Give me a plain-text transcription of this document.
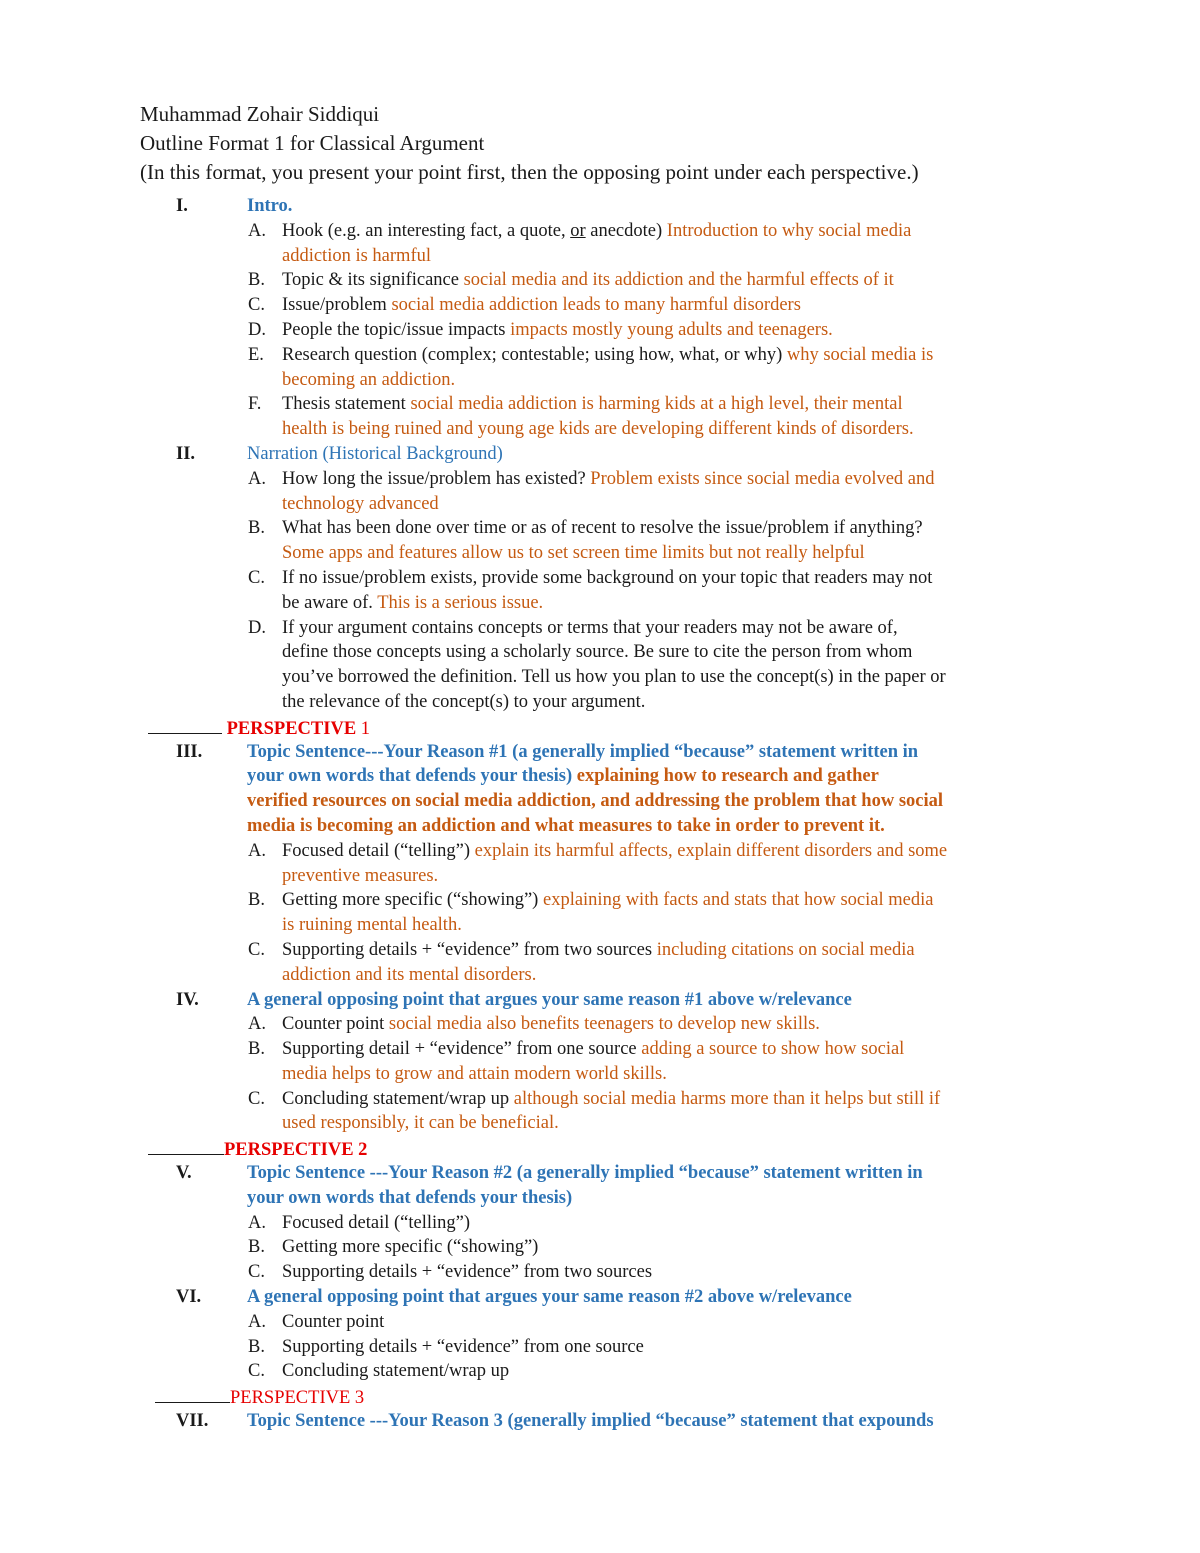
Muhammad Zohair Siddiqui
Outline Format 1 for Classical Argument
(In this format, you present your point first, then the opposing point under each perspective.)
I.	Intro.
A. Hook (e.g. an interesting fact, a quote, or anecdote) Introduction to why social media
addiction is harmful
B. Topic & its significance social media and its addiction and the harmful effects of it
C. Issue/problem social media addiction leads to many harmful disorders
D. People the topic/issue impacts impacts mostly young adults and teenagers.
E. Research question (complex; contestable; using how, what, or why) why social media is
becoming an addiction.
F. Thesis statement social media addiction is harming kids at a high level, their mental
health is being ruined and young age kids are developing different kinds of disorders.
II.	Narration (Historical Background)
A. How long the issue/problem has existed? Problem exists since social media evolved and
technology advanced
B. What has been done over time or as of recent to resolve the issue/problem if anything?
Some apps and features allow us to set screen time limits but not really helpful
C. If no issue/problem exists, provide some background on your topic that readers may not
be aware of. This is a serious issue.
D. If your argument contains concepts or terms that your readers may not be aware of,
define those concepts using a scholarly source. Be sure to cite the person from whom
you’ve borrowed the definition. Tell us how you plan to use the concept(s) in the paper or
the relevance of the concept(s) to your argument.
PERSPECTIVE 1
III. Topic Sentence---Your Reason #1 (a generally implied “because” statement written in
your own words that defends your thesis) explaining how to research and gather
verified resources on social media addiction, and addressing the problem that how social
media is becoming an addiction and what measures to take in order to prevent it.
A. Focused detail (“telling”) explain its harmful affects, explain different disorders and some
preventive measures.
B. Getting more specific (“showing”) explaining with facts and stats that how social media
is ruining mental health.
C. Supporting details + “evidence” from two sources including citations on social media
addiction and its mental disorders.
IV.	A general opposing point that argues your same reason #1 above w/relevance
A. Counter point social media also benefits teenagers to develop new skills.
B. Supporting detail + “evidence” from one source adding a source to show how social
media helps to grow and attain modern world skills.
C. Concluding statement/wrap up although social media harms more than it helps but still if
used responsibly, it can be beneficial.
PERSPECTIVE 2
V.	Topic Sentence ---Your Reason #2 (a generally implied “because” statement written in
your own words that defends your thesis)
A. Focused detail (“telling”)
B. Getting more specific (“showing”)
C. Supporting details + “evidence” from two sources
VI. A general opposing point that argues your same reason #2 above w/relevance
A. Counter point
B. Supporting details + “evidence” from one source
C. Concluding statement/wrap up
PERSPECTIVE 3
VII. Topic Sentence ---Your Reason 3 (generally implied “because” statement that expounds
